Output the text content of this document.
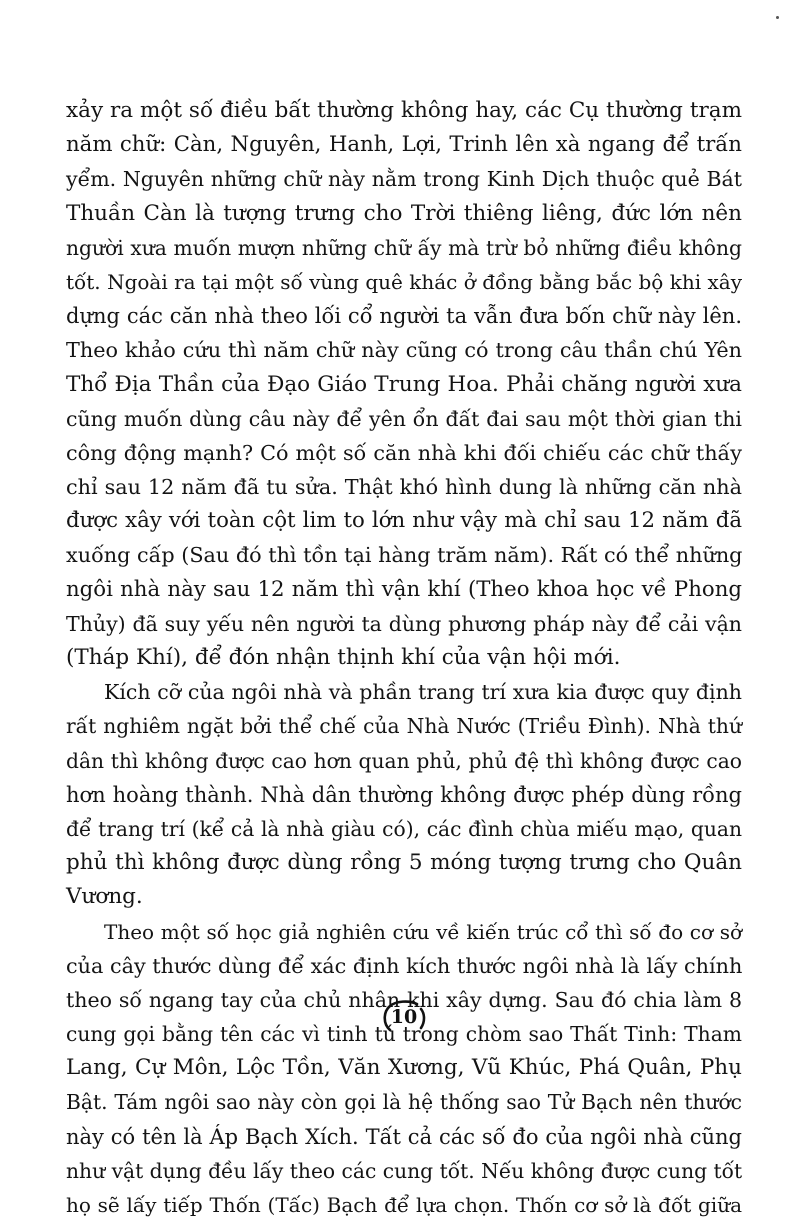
xảy ra một số điều bất thường không hay, các Cụ thường trạm
năm chữ: Càn, Nguyên, Hanh, Lợi, Trinh lên xà ngang để trấn
yểm. Nguyên những chữ này nằm trong Kinh Dịch thuộc quẻ Bát
Thuần Càn là tượng trưng cho Trời thiêng liêng, đức lớn nên
người xưa muốn mượn những chữ ấy mà trừ bỏ những điều không
tốt. Ngoài ra tại một số vùng quê khác ở đồng bằng bắc bộ khi xây
dựng các căn nhà theo lối cổ người ta vẫn đưa bốn chữ này lên.
Theo khảo cứu thì năm chữ này cũng có trong câu thần chú Yên
Thổ Địa Thần của Đạo Giáo Trung Hoa. Phải chăng người xưa
cũng muốn dùng câu này để yên ổn đất đai sau một thời gian thi
công động mạnh? Có một số căn nhà khi đối chiếu các chữ thấy
chỉ sau 12 năm đã tu sửa. Thật khó hình dung là những căn nhà
được xây với toàn cột lim to lớn như vậy mà chỉ sau 12 năm đã
xuống cấp (Sau đó thì tồn tại hàng trăm năm). Rất có thể những
ngôi nhà này sau 12 năm thì vận khí (Theo khoa học về Phong
Thủy) đã suy yếu nên người ta dùng phương pháp này để cải vận
(Tháp Khí), để đón nhận thịnh khí của vận hội mới.
Kích cỡ của ngôi nhà và phần trang trí xưa kia được quy định
rất nghiêm ngặt bởi thể chế của Nhà Nước (Triều Đình). Nhà thứ
dân thì không được cao hơn quan phủ, phủ đệ thì không được cao
hơn hoàng thành. Nhà dân thường không được phép dùng rồng
để trang trí (kể cả là nhà giàu có), các đình chùa miếu mạo, quan
phủ thì không được dùng rồng 5 móng tượng trưng cho Quân
Vương.
Theo một số học giả nghiên cứu về kiến trúc cổ thì số đo cơ sở
của cây thước dùng để xác định kích thước ngôi nhà là lấy chính
theo số ngang tay của chủ nhân khi xây dựng. Sau đó chia làm 8
cung gọi bằng tên các vì tinh tú trong chòm sao Thất Tinh: Tham
Lang, Cự Môn, Lộc Tồn, Văn Xương, Vũ Khúc, Phá Quân, Phụ
Bật. Tám ngôi sao này còn gọi là hệ thống sao Tử Bạch nên thước
này có tên là Áp Bạch Xích. Tất cả các số đo của ngôi nhà cũng
như vật dụng đều lấy theo các cung tốt. Nếu không được cung tốt
họ sẽ lấy tiếp Thốn (Tấc) Bạch để lựa chọn. Thốn cơ sở là đốt giữa
10
